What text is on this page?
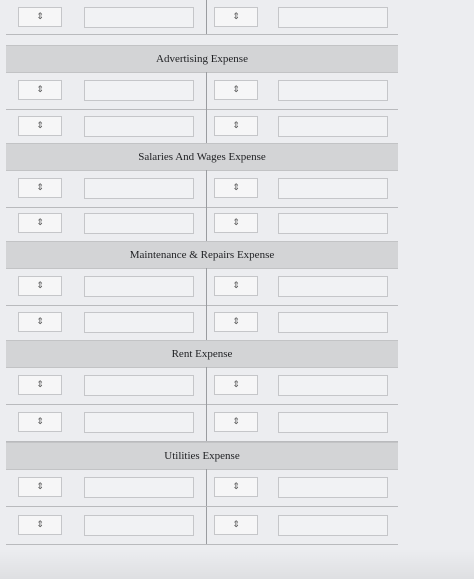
⇕	⇕
Advertising Expense
⇕	⇕
⇕	⇕
Salaries And Wages Expense
⇕	⇕
⇕	⇕
Maintenance & Repairs Expense
⇕	⇕
⇕	⇕
Rent Expense
⇕	⇕
⇕	⇕
Utilities Expense
⇕	⇕
⇕	⇕
